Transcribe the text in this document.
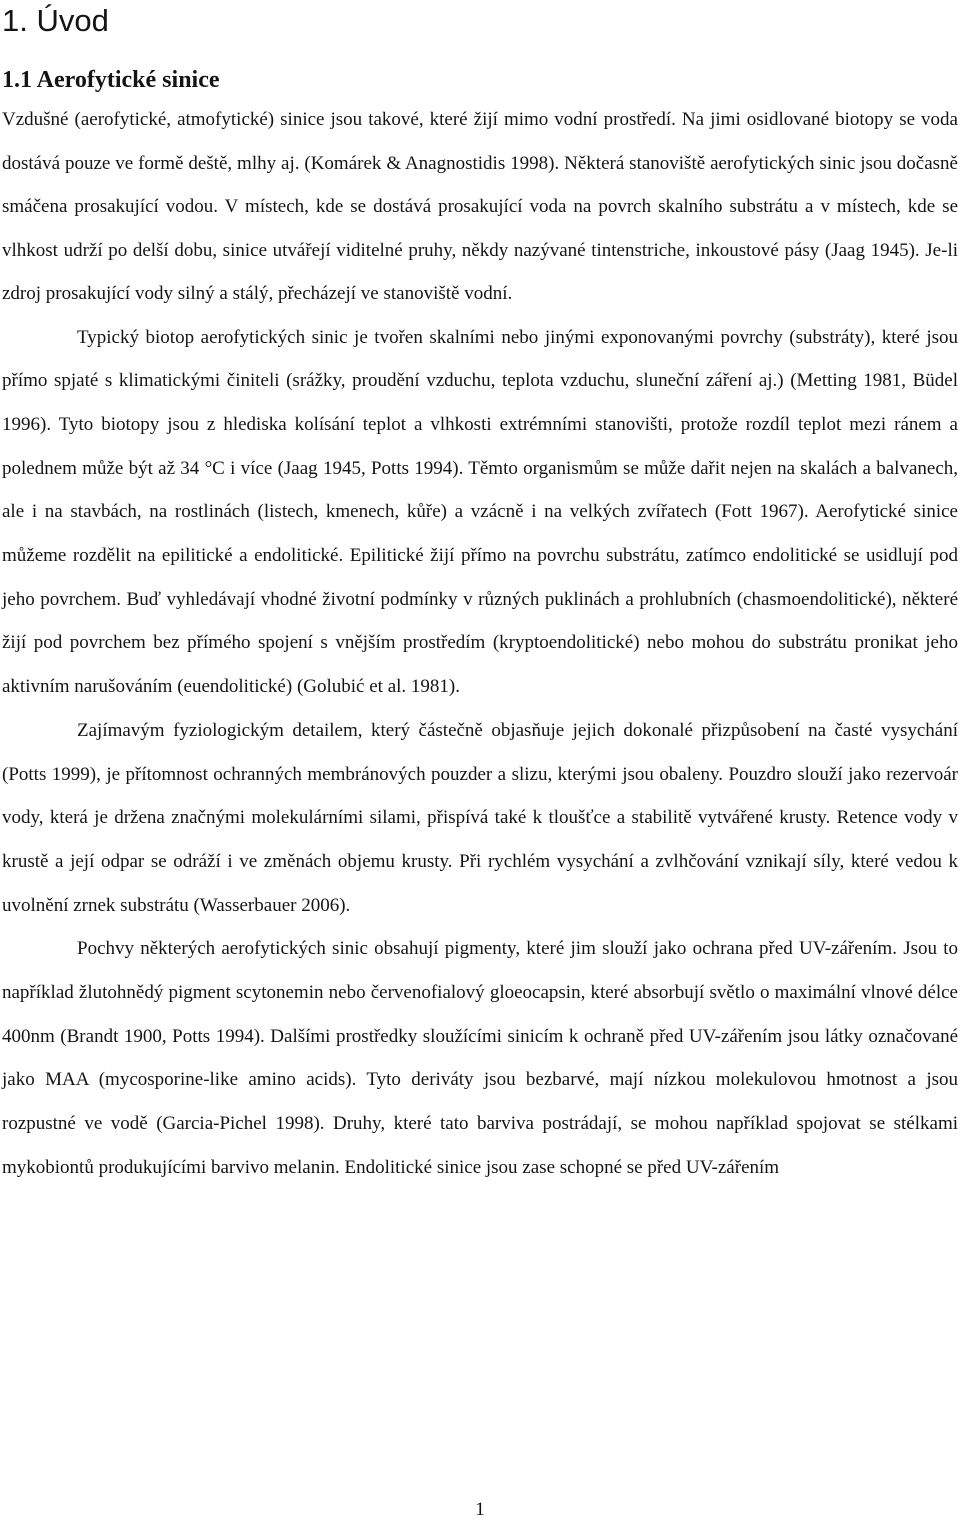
1. Úvod
1.1 Aerofytické sinice

Vzdušné (aerofytické, atmofytické) sinice jsou takové, které žijí mimo vodní prostředí. Na jimi osidlované biotopy se voda dostává pouze ve formě deště, mlhy aj. (Komárek & Anagnostidis 1998). Některá stanoviště aerofytických sinic jsou dočasně smáčena prosakující vodou. V místech, kde se dostává prosakující voda na povrch skalního substrátu a v místech, kde se vlhkost udrží po delší dobu, sinice utvářejí viditelné pruhy, někdy nazývané tintenstriche, inkoustové pásy (Jaag 1945). Je-li zdroj prosakující vody silný a stálý, přecházejí ve stanoviště vodní.

Typický biotop aerofytických sinic je tvořen skalními nebo jinými exponovanými povrchy (substráty), které jsou přímo spjaté s klimatickými činiteli (srážky, proudění vzduchu, teplota vzduchu, sluneční záření aj.) (Metting 1981, Büdel 1996). Tyto biotopy jsou z hlediska kolísání teplot a vlhkosti extrémními stanovišti, protože rozdíl teplot mezi ránem a polednem může být až 34 °C i více (Jaag 1945, Potts 1994). Těmto organismům se může dařit nejen na skalách a balvanech, ale i na stavbách, na rostlinách (listech, kmenech, kůře) a vzácně i na velkých zvířatech (Fott 1967). Aerofytické sinice můžeme rozdělit na epilitické a endolitické. Epilitické žijí přímo na povrchu substrátu, zatímco endolitické se usidlují pod jeho povrchem. Buď vyhledávají vhodné životní podmínky v různých puklinách a prohlubních (chasmoendolitické), některé žijí pod povrchem bez přímého spojení s vnějším prostředím (kryptoendolitické) nebo mohou do substrátu pronikat jeho aktivním narušováním (euendolitické) (Golubić et al. 1981).

Zajímavým fyziologickým detailem, který částečně objasňuje jejich dokonalé přizpůsobení na časté vysychání (Potts 1999), je přítomnost ochranných membránových pouzder a slizu, kterými jsou obaleny. Pouzdro slouží jako rezervoár vody, která je držena značnými molekulárními silami, přispívá také k tloušťce a stabilitě vytvářené krusty. Retence vody v krustě a její odpar se odráží i ve změnách objemu krusty. Při rychlém vysychání a zvlhčování vznikají síly, které vedou k uvolnění zrnek substrátu (Wasserbauer 2006).

Pochvy některých aerofytických sinic obsahují pigmenty, které jim slouží jako ochrana před UV-zářením. Jsou to například žlutohnědý pigment scytonemin nebo červenofialový gloeocapsin, které absorbují světlo o maximální vlnové délce 400nm (Brandt 1900, Potts 1994). Dalšími prostředky sloužícími sinicím k ochraně před UV-zářením jsou látky označované jako MAA (mycosporine-like amino acids). Tyto deriváty jsou bezbarvé, mají nízkou molekulovou hmotnost a jsou rozpustné ve vodě (Garcia-Pichel 1998). Druhy, které tato barviva postrádají, se mohou například spojovat se stélkami mykobiontů produkujícími barvivo melanin. Endolitické sinice jsou zase schopné se před UV-zářením

1
